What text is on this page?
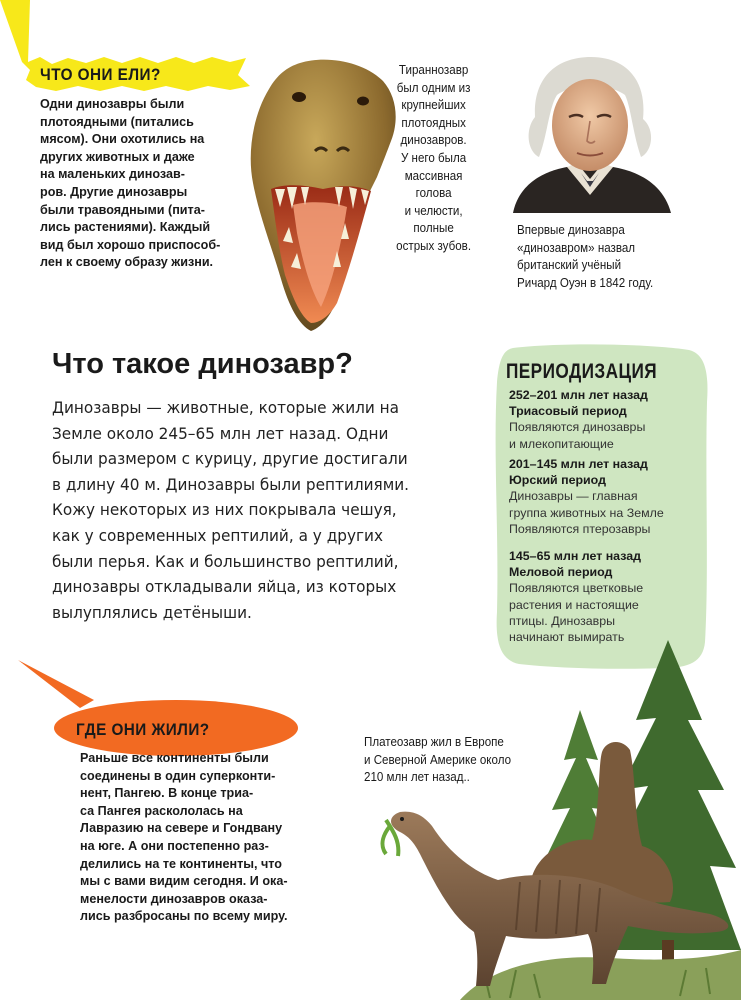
ЧТО ОНИ ЕЛИ?
Одни динозавры были
плотоядными (питались
мясом). Они охотились на
других животных и даже
на маленьких динозав-
ров. Другие динозавры
были травоядными (пита-
лись растениями). Каждый
вид был хорошо приспособ-
лен к своему образу жизни.
Тираннозавр
был одним из
крупнейших
плотоядных
динозавров.
У него была
массивная
голова
и челюсти,
полные
острых зубов.
Впервые динозавра
«динозавром» назвал
британский учёный
Ричард Оуэн в 1842 году.
Что такое динозавр?
Динозавры — животные, которые жили на
Земле около 245–65 млн лет назад. Одни
были размером с курицу, другие достигали
в длину 40 м. Динозавры были рептилиями.
Кожу некоторых из них покрывала чешуя,
как у современных рептилий, а у других
были перья. Как и большинство рептилий,
динозавры откладывали яйца, из которых
вылуплялись детёныши.
ПЕРИОДИЗАЦИЯ
252–201 млн лет назад
Триасовый период
Появляются динозавры
и млекопитающие
201–145 млн лет назад
Юрский период
Динозавры — главная
группа животных на Земле
Появляются птерозавры
145–65 млн лет назад
Меловой период
Появляются цветковые
растения и настоящие
птицы. Динозавры
начинают вымирать
ГДЕ ОНИ ЖИЛИ?
Раньше все континенты были
соединены в один суперконти-
нент, Пангею. В конце триа-
са Пангея раскололась на
Лавразию на севере и Гондвану
на юге. А они постепенно раз-
делились на те континенты, что
мы с вами видим сегодня. И ока-
менелости динозавров оказа-
лись разбросаны по всему миру.
Платеозавр жил в Европе
и Северной Америке около
210 млн лет назад..
